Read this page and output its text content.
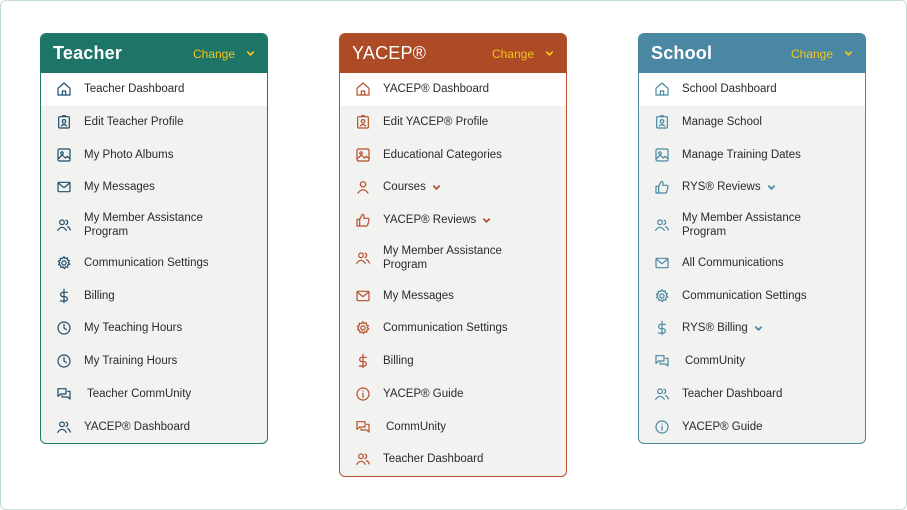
Teacher	Change
Teacher Dashboard
Edit Teacher Profile
My Photo Albums
My Messages
My Member Assistance
Program
Communication Settings
Billing
My Teaching Hours
My Training Hours
Teacher CommUnity
YACEP® Dashboard
YACEP®	Change
YACEP® Dashboard
Edit YACEP® Profile
Educational Categories
Courses
YACEP® Reviews
My Member Assistance
Program
My Messages
Communication Settings
Billing
YACEP® Guide
CommUnity
Teacher Dashboard
School	Change
School Dashboard
Manage School
Manage Training Dates
RYS® Reviews
My Member Assistance
Program
All Communications
Communication Settings
RYS® Billing
CommUnity
Teacher Dashboard
YACEP® Guide
